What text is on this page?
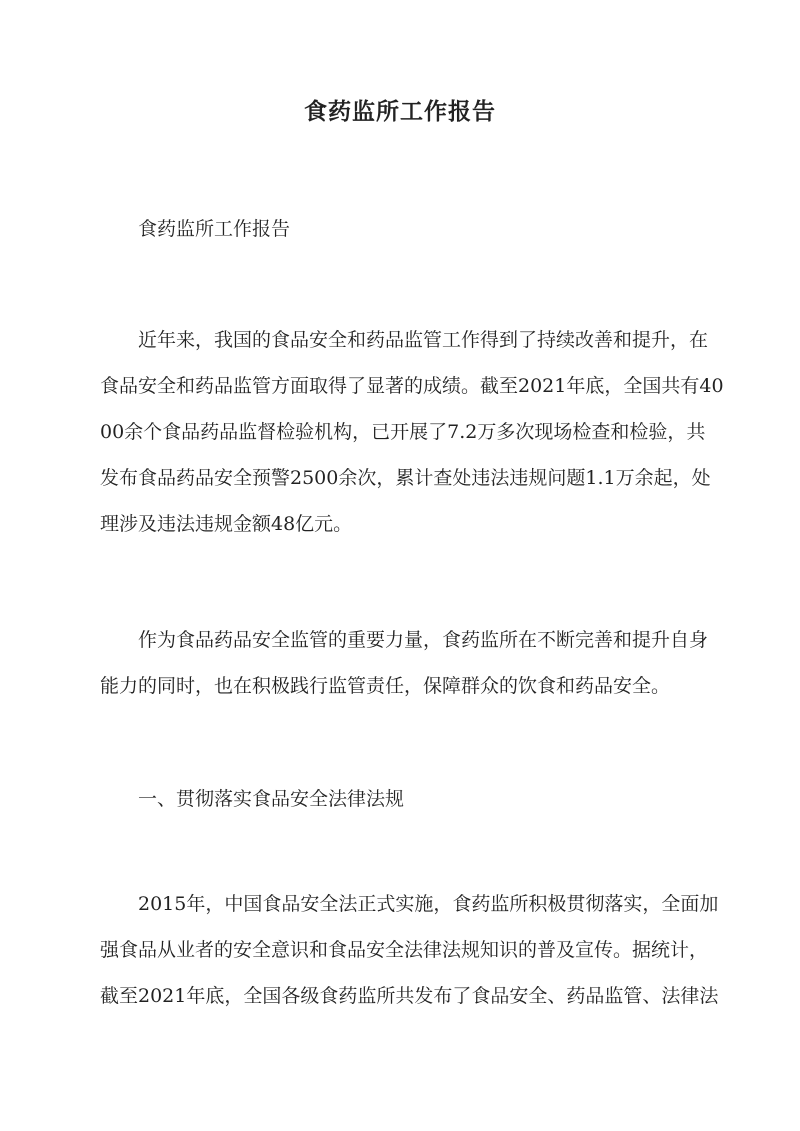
食药监所工作报告
食药监所工作报告
近年来，我国的食品安全和药品监管工作得到了持续改善和提升，在
食品安全和药品监管方面取得了显著的成绩。截至2021年底，全国共有40
00余个食品药品监督检验机构，已开展了7.2万多次现场检查和检验，共
发布食品药品安全预警2500余次，累计查处违法违规问题1.1万余起，处
理涉及违法违规金额48亿元。
作为食品药品安全监管的重要力量，食药监所在不断完善和提升自身
能力的同时，也在积极践行监管责任，保障群众的饮食和药品安全。
一、贯彻落实食品安全法律法规
2015年，中国食品安全法正式实施，食药监所积极贯彻落实，全面加
强食品从业者的安全意识和食品安全法律法规知识的普及宣传。据统计，
截至2021年底，全国各级食药监所共发布了食品安全、药品监管、法律法
